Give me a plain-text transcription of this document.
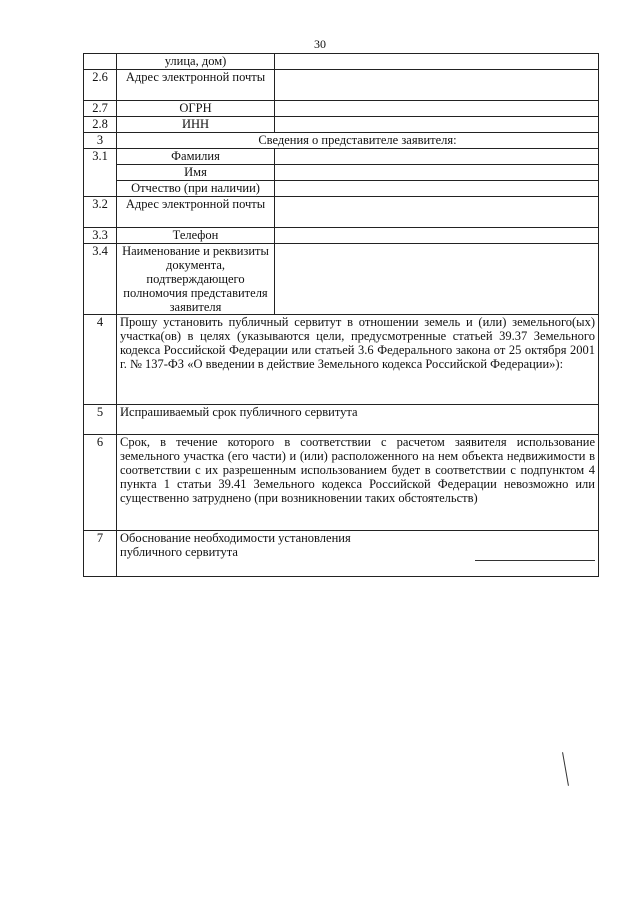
30
	улица, дом)	
2.6	Адрес электронной почты	
2.7	ОГРН	
2.8	ИНН	
3	Сведения о представителе заявителя:	
3.1	Фамилия	
	Имя	
	Отчество (при наличии)	
3.2	Адрес электронной почты	
3.3	Телефон	
3.4	Наименование и реквизиты документа, подтверждающего полномочия представителя заявителя	
4	Прошу установить публичный сервитут в отношении земель и (или) земельного(ых) участка(ов) в целях (указываются цели, предусмотренные статьей 39.37 Земельного кодекса Российской Федерации или статьей 3.6 Федерального закона от 25 октября 2001 г. № 137-ФЗ «О введении в действие Земельного кодекса Российской Федерации»):	
5	Испрашиваемый срок публичного сервитута	
6	Срок, в течение которого в соответствии с расчетом заявителя использование земельного участка (его части) и (или) расположенного на нем объекта недвижимости в соответствии с их разрешенным использованием будет в соответствии с подпунктом 4 пункта 1 статьи 39.41 Земельного кодекса Российской Федерации невозможно или существенно затруднено (при возникновении таких обстоятельств)	
7	Обоснование необходимости установления публичного сервитута	
